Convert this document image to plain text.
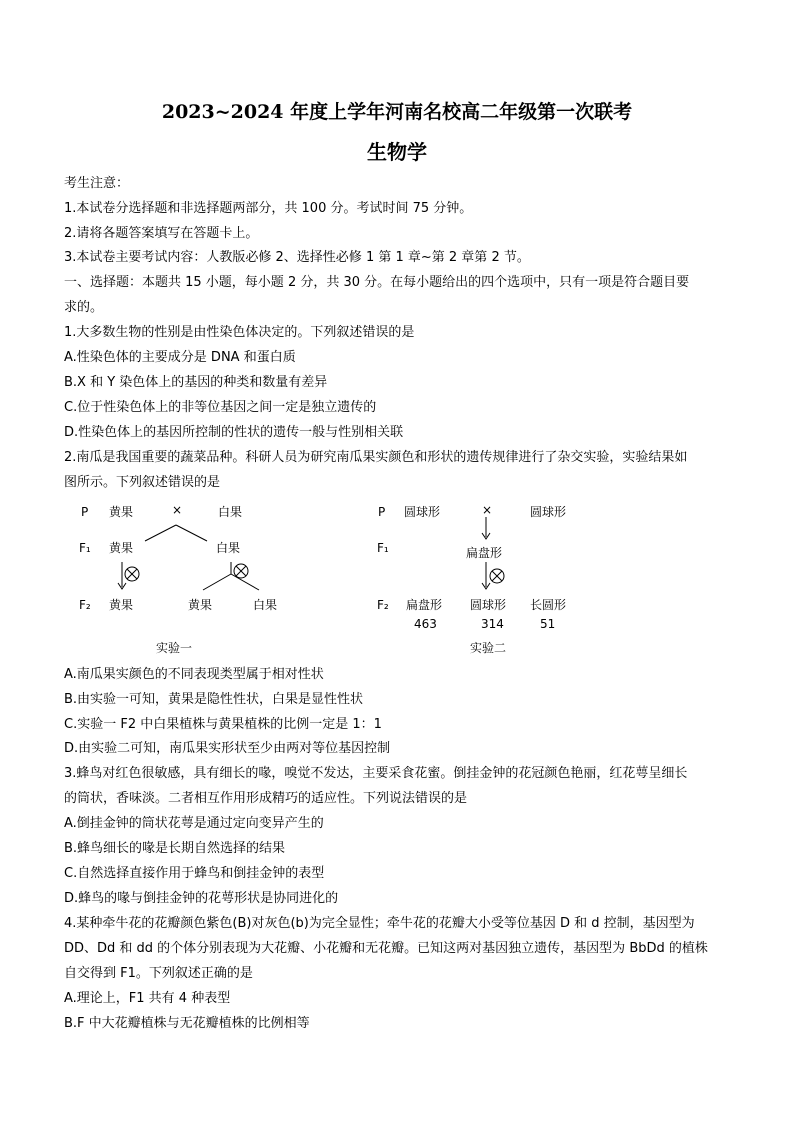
2023~2024 年度上学年河南名校高二年级第一次联考
生物学
考生注意：
1.本试卷分选择题和非选择题两部分，共 100 分。考试时间 75 分钟。
2.请将各题答案填写在答题卡上。
3.本试卷主要考试内容：人教版必修 2、选择性必修 1 第 1 章~第 2 章第 2 节。
一、选择题：本题共 15 小题，每小题 2 分，共 30 分。在每小题给出的四个选项中，只有一项是符合题目要
求的。
1.大多数生物的性别是由性染色体决定的。下列叙述错误的是
A.性染色体的主要成分是 DNA 和蛋白质
B.X 和 Y 染色体上的基因的种类和数量有差异
C.位于性染色体上的非等位基因之间一定是独立遗传的
D.性染色体上的基因所控制的性状的遗传一般与性别相关联
2.南瓜是我国重要的蔬菜品种。科研人员为研究南瓜果实颜色和形状的遗传规律进行了杂交实验，实验结果如
图所示。下列叙述错误的是
P 黄果	×	白果
F₁ 黄果	白果
F₂ 黄果	黄果	白果
实验一
P 圆球形	×	圆球形
F₁	扁盘形
F₂ 扁盘形 圆球形 长圆形
463	314	51
实验二
A.南瓜果实颜色的不同表现类型属于相对性状
B.由实验一可知，黄果是隐性性状，白果是显性性状
C.实验一 F2 中白果植株与黄果植株的比例一定是 1：1
D.由实验二可知，南瓜果实形状至少由两对等位基因控制
3.蜂鸟对红色很敏感，具有细长的喙，嗅觉不发达，主要采食花蜜。倒挂金钟的花冠颜色艳丽，红花萼呈细长
的筒状，香味淡。二者相互作用形成精巧的适应性。下列说法错误的是
A.倒挂金钟的筒状花萼是通过定向变异产生的
B.蜂鸟细长的喙是长期自然选择的结果
C.自然选择直接作用于蜂鸟和倒挂金钟的表型
D.蜂鸟的喙与倒挂金钟的花萼形状是协同进化的
4.某种牵牛花的花瓣颜色紫色(B)对灰色(b)为完全显性；牵牛花的花瓣大小受等位基因 D 和 d 控制，基因型为
DD、Dd 和 dd 的个体分别表现为大花瓣、小花瓣和无花瓣。已知这两对基因独立遗传，基因型为 BbDd 的植株
自交得到 F1。下列叙述正确的是
A.理论上，F1 共有 4 种表型
B.F 中大花瓣植株与无花瓣植株的比例相等
